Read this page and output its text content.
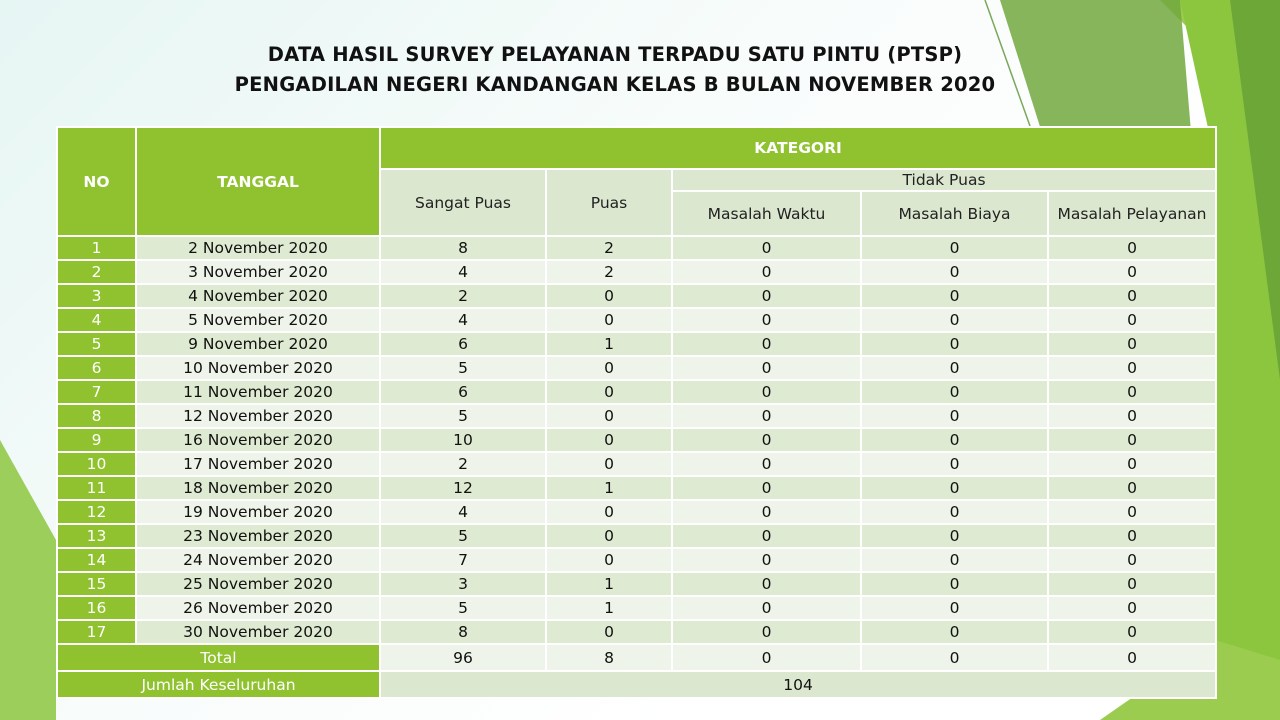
DATA HASIL SURVEY PELAYANAN TERPADU SATU PINTU (PTSP)
PENGADILAN NEGERI KANDANGAN KELAS B BULAN NOVEMBER 2020
NO	TANGGAL	KATEGORI				
		Sangat Puas	Puas	Tidak Puas		
				Masalah Waktu	Masalah Biaya	Masalah Pelayanan
1	2 November 2020	8	2	0	0	0
2	3 November 2020	4	2	0	0	0
3	4 November 2020	2	0	0	0	0
4	5 November 2020	4	0	0	0	0
5	9 November 2020	6	1	0	0	0
6	10 November 2020	5	0	0	0	0
7	11 November 2020	6	0	0	0	0
8	12 November 2020	5	0	0	0	0
9	16 November 2020	10	0	0	0	0
10	17 November 2020	2	0	0	0	0
11	18 November 2020	12	1	0	0	0
12	19 November 2020	4	0	0	0	0
13	23 November 2020	5	0	0	0	0
14	24 November 2020	7	0	0	0	0
15	25 November 2020	3	1	0	0	0
16	26 November 2020	5	1	0	0	0
17	30 November 2020	8	0	0	0	0
Total		96	8	0	0	0
Jumlah Keseluruhan		104				
